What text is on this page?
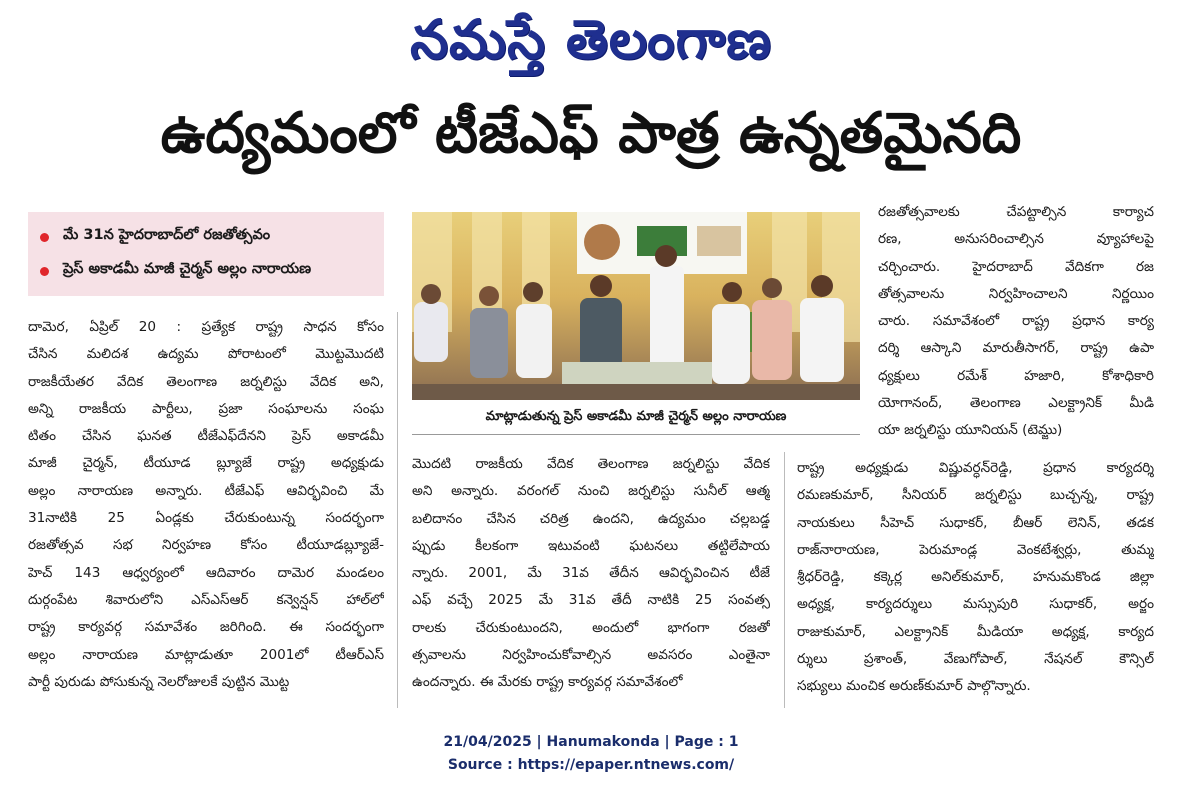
నమస్తే తెలంగాణ
ఉద్యమంలో టీజేఎఫ్ పాత్ర ఉన్నతమైనది
మే 31న హైదరాబాద్‌లో రజతోత్సవం
ప్రెస్ అకాడమీ మాజీ చైర్మన్ అల్లం నారాయణ

దామెర, ఏప్రిల్ 20 : ప్రత్యేక రాష్ట్ర సాధన కోసం

చేసిన మలిదశ ఉద్యమ పోరాటంలో మొట్టమొదటి

రాజకీయేతర వేదిక తెలంగాణ జర్నలిస్టు వేదిక అని,

అన్ని రాజకీయ పార్టీలు, ప్రజా సంఘాలను సంఘ

టితం చేసిన ఘనత టీజేఎఫ్‌దేనని ప్రెస్ అకాడమీ

మాజీ చైర్మన్, టీయూడ బ్ల్యూజే రాష్ట్ర అధ్యక్షుడు

అల్లం నారాయణ అన్నారు. టీజేఎఫ్ ఆవిర్భవించి మే

31నాటికి 25 ఏండ్లకు చేరుకుంటున్న సందర్భంగా

రజతోత్సవ సభ నిర్వహణ కోసం టీయూడబ్ల్యూజే-

హెచ్ 143 ఆధ్వర్యంలో ఆదివారం దామెర మండలం

దుర్గంపేట శివారులోని ఎస్ఎస్ఆర్ కన్వెన్షన్ హాల్‌లో

రాష్ట్ర కార్యవర్గ సమావేశం జరిగింది. ఈ సందర్భంగా

అల్లం నారాయణ మాట్లాడుతూ 2001లో టీఆర్ఎస్

పార్టీ పురుడు పోసుకున్న నెలరోజులకే పుట్టిన మొట్ట

మాట్లాడుతున్న ప్రెస్ అకాడమీ మాజీ చైర్మన్ అల్లం నారాయణ

మొదటి రాజకీయ వేదిక తెలంగాణ జర్నలిస్టు వేదిక

అని అన్నారు. వరంగల్ నుంచి జర్నలిస్టు సునీల్ ఆత్మ

బలిదానం చేసిన చరిత్ర ఉందని, ఉద్యమం చల్లబడ్డ

ప్పుడు కీలకంగా ఇటువంటి ఘటనలు తట్టిలేపాయ

న్నారు. 2001, మే 31వ తేదీన ఆవిర్భవించిన టీజే

ఎఫ్ వచ్చే 2025 మే 31వ తేదీ నాటికి 25 సంవత్స

రాలకు చేరుకుంటుందని, అందులో భాగంగా రజతో

త్సవాలను నిర్వహించుకోవాల్సిన అవసరం ఎంతైనా

ఉందన్నారు. ఈ మేరకు రాష్ట్ర కార్యవర్గ సమావేశంలో

రజతోత్సవాలకు చేపట్టాల్సిన కార్యాచ

రణ, అనుసరించాల్సిన వ్యూహాలపై

చర్చించారు. హైదరాబాద్ వేదికగా రజ

తోత్సవాలను నిర్వహించాలని నిర్ణయిం

చారు. సమావేశంలో రాష్ట్ర ప్రధాన కార్య

దర్శి ఆస్కాని మారుతీసాగర్, రాష్ట్ర ఉపా

ధ్యక్షులు రమేశ్ హజారి, కోశాధికారి

యోగానంద్, తెలంగాణ ఎలక్ట్రానిక్ మీడి

యా జర్నలిస్టు యూనియన్ (టెమ్జు)

రాష్ట్ర అధ్యక్షుడు విష్ణువర్ధన్‌రెడ్డి, ప్రధాన కార్యదర్శి

రమణకుమార్, సీనియర్ జర్నలిస్టు బుచ్చన్న, రాష్ట్ర

నాయకులు సీహెచ్ సుధాకర్, బీఆర్ లెనిన్, తడక

రాజ్‌నారాయణ, పెరుమాండ్ల వెంకటేశ్వర్లు, తుమ్మ

శ్రీధర్‌రెడ్డి, కక్కెర్ల అనిల్‌కుమార్, హనుమకొండ జిల్లా

అధ్యక్ష, కార్యదర్శులు మస్సుపురి సుధాకర్, అర్జం

రాజుకుమార్, ఎలక్ట్రానిక్ మీడియా అధ్యక్ష, కార్యద

ర్శులు ప్రశాంత్, వేణుగోపాల్, నేషనల్ కౌన్సిల్

సభ్యులు మంచిక అరుణ్‌కుమార్ పాల్గొన్నారు.

21/04/2025 | Hanumakonda | Page : 1
Source : https://epaper.ntnews.com/
